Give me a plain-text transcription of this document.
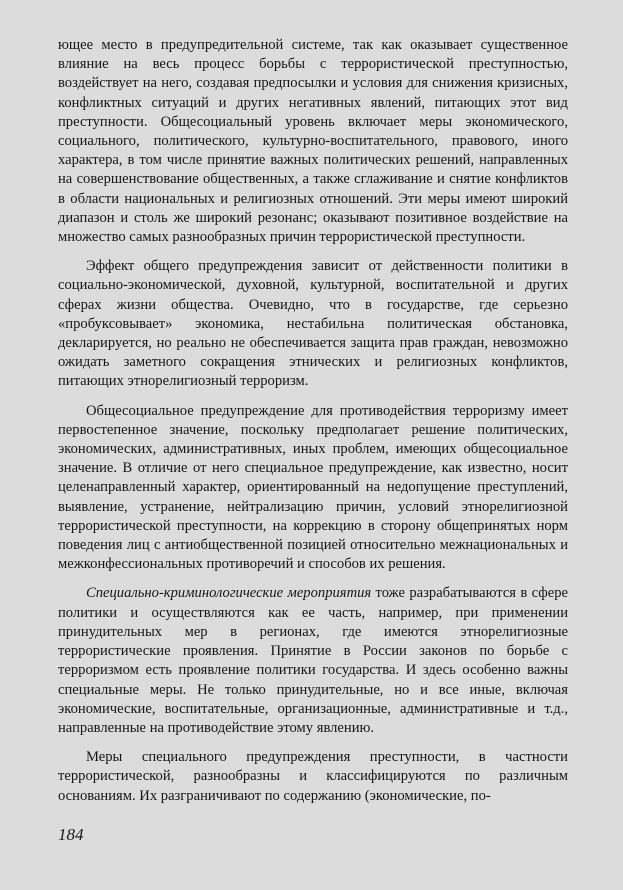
ющее место в предупредительной системе, так как оказывает существенное влияние на весь процесс борьбы с террористической преступностью, воздействует на него, создавая предпосылки и условия для снижения кризисных, конфликтных ситуаций и других негативных явлений, питающих этот вид преступности. Общесоциальный уровень включает меры экономического, социального, политического, культурно-воспитательного, правового, иного характера, в том числе принятие важных политических решений, направленных на совершенствование общественных, а также сглаживание и снятие конфликтов в области национальных и религиозных отношений. Эти меры имеют широкий диапазон и столь же широкий резонанс; оказывают позитивное воздействие на множество самых разнообразных причин террористической преступности.

Эффект общего предупреждения зависит от действенности политики в социально-экономической, духовной, культурной, воспитательной и других сферах жизни общества. Очевидно, что в государстве, где серьезно «пробуксовывает» экономика, нестабильна политическая обстановка, декларируется, но реально не обеспечивается защита прав граждан, невозможно ожидать заметного сокращения этнических и религиозных конфликтов, питающих этнорелигиозный терроризм.

Общесоциальное предупреждение для противодействия терроризму имеет первостепенное значение, поскольку предполагает решение политических, экономических, административных, иных проблем, имеющих общесоциальное значение. В отличие от него специальное предупреждение, как известно, носит целенаправленный характер, ориентированный на недопущение преступлений, выявление, устранение, нейтрализацию причин, условий этнорелигиозной террористической преступности, на коррекцию в сторону общепринятых норм поведения лиц с антиобщественной позицией относительно межнациональных и межконфессиональных противоречий и способов их решения.

Специально-криминологические мероприятия тоже разрабатываются в сфере политики и осуществляются как ее часть, например, при применении принудительных мер в регионах, где имеются этнорелигиозные террористические проявления. Принятие в России законов по борьбе с терроризмом есть проявление политики государства. И здесь особенно важны специальные меры. Не только принудительные, но и все иные, включая экономические, воспитательные, организационные, административные и т.д., направленные на противодействие этому явлению.

Меры специального предупреждения преступности, в частности террористической, разнообразны и классифицируются по различным основаниям. Их разграничивают по содержанию (экономические, по-

184
